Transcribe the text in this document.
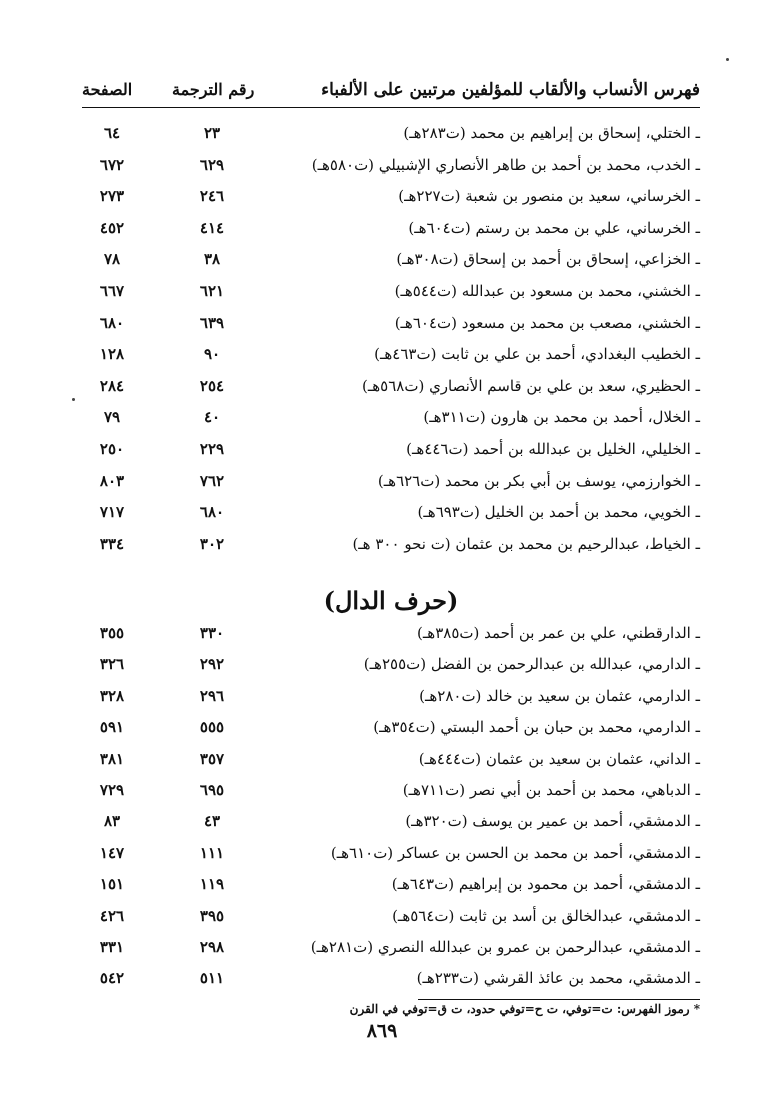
فهرس الأنساب والألقاب للمؤلفين مرتبين على الألفباء
رقم الترجمة
الصفحة
ـ الختلي، إسحاق بن إبراهيم بن محمد (ت٢٨٣هـ)
٢٣
٦٤
ـ الخدب، محمد بن أحمد بن طاهر الأنصاري الإشبيلي (ت٥٨٠هـ)
٦٢٩
٦٧٢
ـ الخرساني، سعيد بن منصور بن شعبة (ت٢٢٧هـ)
٢٤٦
٢٧٣
ـ الخرساني، علي بن محمد بن رستم (ت٦٠٤هـ)
٤١٤
٤٥٢
ـ الخزاعي، إسحاق بن أحمد بن إسحاق (ت٣٠٨هـ)
٣٨
٧٨
ـ الخشني، محمد بن مسعود بن عبدالله (ت٥٤٤هـ)
٦٢١
٦٦٧
ـ الخشني، مصعب بن محمد بن مسعود (ت٦٠٤هـ)
٦٣٩
٦٨٠
ـ الخطيب البغدادي، أحمد بن علي بن ثابت (ت٤٦٣هـ)
٩٠
١٢٨
ـ الحظيري، سعد بن علي بن قاسم الأنصاري (ت٥٦٨هـ)
٢٥٤
٢٨٤
ـ الخلال، أحمد بن محمد بن هارون (ت٣١١هـ)
٤٠
٧٩
ـ الخليلي، الخليل بن عبدالله بن أحمد (ت٤٤٦هـ)
٢٢٩
٢٥٠
ـ الخوارزمي، يوسف بن أبي بكر بن محمد (ت٦٢٦هـ)
٧٦٢
٨٠٣
ـ الخويي، محمد بن أحمد بن الخليل (ت٦٩٣هـ)
٦٨٠
٧١٧
ـ الخياط، عبدالرحيم بن محمد بن عثمان (ت نحو ٣٠٠ هـ)
٣٠٢
٣٣٤
(حرف الدال)
ـ الدارقطني، علي بن عمر بن أحمد (ت٣٨٥هـ)
٣٣٠
٣٥٥
ـ الدارمي، عبدالله بن عبدالرحمن بن الفضل (ت٢٥٥هـ)
٢٩٢
٣٢٦
ـ الدارمي، عثمان بن سعيد بن خالد (ت٢٨٠هـ)
٢٩٦
٣٢٨
ـ الدارمي، محمد بن حبان بن أحمد البستي (ت٣٥٤هـ)
٥٥٥
٥٩١
ـ الداني، عثمان بن سعيد بن عثمان (ت٤٤٤هـ)
٣٥٧
٣٨١
ـ الدباهي، محمد بن أحمد بن أبي نصر (ت٧١١هـ)
٦٩٥
٧٢٩
ـ الدمشقي، أحمد بن عمير بن يوسف (ت٣٢٠هـ)
٤٣
٨٣
ـ الدمشقي، أحمد بن محمد بن الحسن بن عساكر (ت٦١٠هـ)
١١١
١٤٧
ـ الدمشقي، أحمد بن محمود بن إبراهيم (ت٦٤٣هـ)
١١٩
١٥١
ـ الدمشقي، عبدالخالق بن أسد بن ثابت (ت٥٦٤هـ)
٣٩٥
٤٢٦
ـ الدمشقي، عبدالرحمن بن عمرو بن عبدالله النصري (ت٢٨١هـ)
٢٩٨
٣٣١
ـ الدمشقي، محمد بن عائذ القرشي (ت٢٣٣هـ)
٥١١
٥٤٢
* رموز الفهرس: ت=توفي، ت ح=توفي حدود، ت ق=توفي في القرن
٨٦٩
